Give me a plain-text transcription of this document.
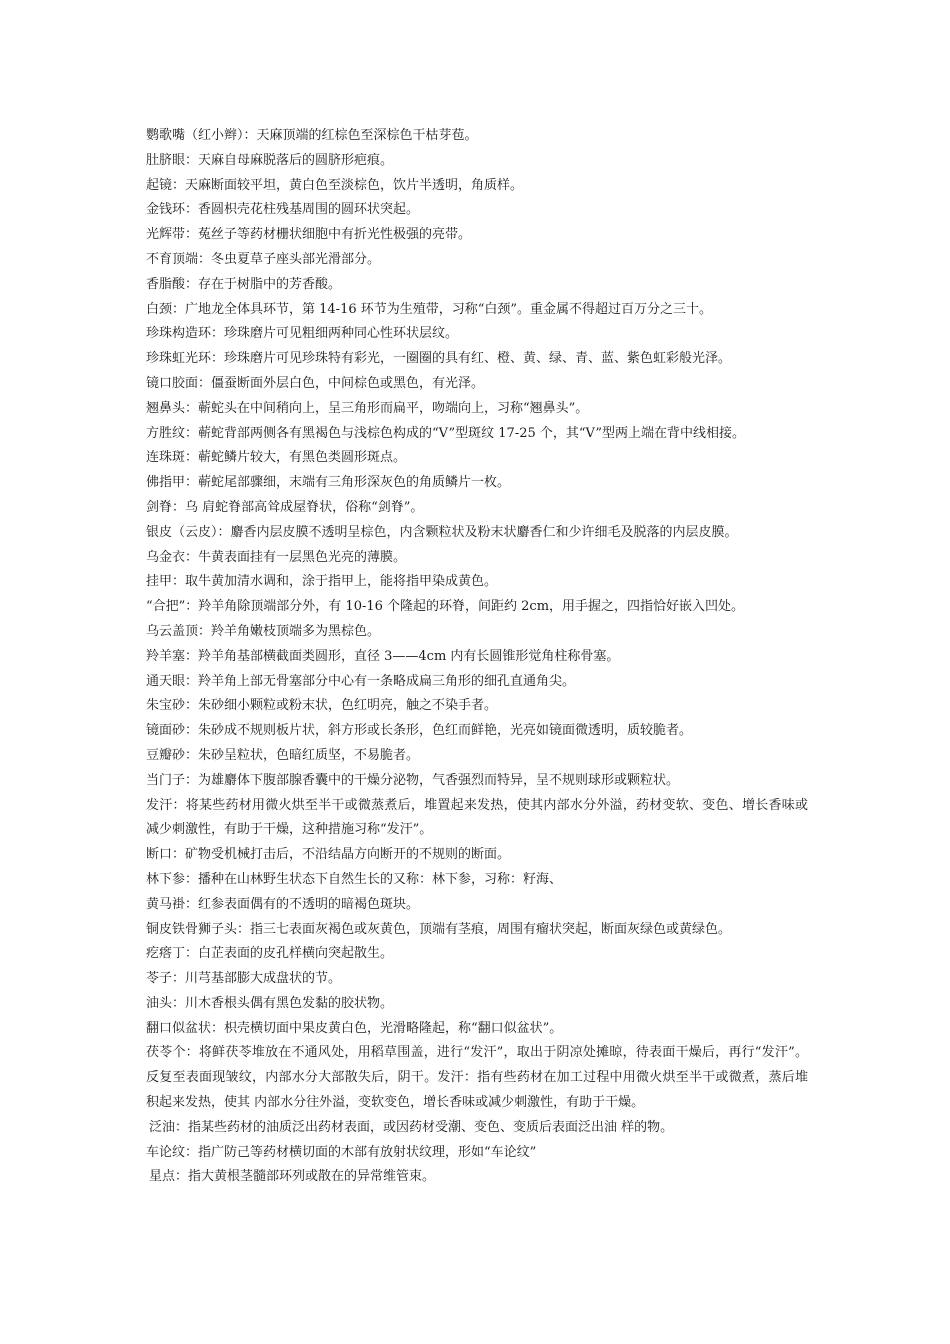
鹦歌嘴（红小辫）：天麻顶端的红棕色至深棕色干枯芽苞。
肚脐眼：天麻自母麻脱落后的圆脐形疤痕。
起镜：天麻断面较平坦，黄白色至淡棕色，饮片半透明，角质样。
金钱环：香圆枳壳花柱残基周围的圆环状突起。
光辉带：菟丝子等药材栅状细胞中有折光性极强的亮带。
不育顶端：冬虫夏草子座头部光滑部分。
香脂酸：存在于树脂中的芳香酸。
白颈：广地龙全体具环节，第 14-16 环节为生殖带，习称“白颈”。重金属不得超过百万分之三十。
珍珠构造环：珍珠磨片可见粗细两种同心性环状层纹。
珍珠虹光环：珍珠磨片可见珍珠特有彩光，一圈圈的具有红、橙、黄、绿、青、蓝、紫色虹彩般光泽。
镜口胶面：僵蚕断面外层白色，中间棕色或黑色，有光泽。
翘鼻头：蕲蛇头在中间稍向上，呈三角形而扁平，吻端向上，习称“翘鼻头”。
方胜纹：蕲蛇背部两侧各有黑褐色与浅棕色构成的“V”型斑纹 17-25 个，其“V”型两上端在背中线相接。
连珠斑：蕲蛇鳞片较大，有黑色类圆形斑点。
佛指甲：蕲蛇尾部骤细，末端有三角形深灰色的角质鳞片一枚。
剑脊：乌 肩蛇脊部高耸成屋脊状，俗称“剑脊”。
银皮（云皮）：麝香内层皮膜不透明呈棕色，内含颗粒状及粉末状麝香仁和少许细毛及脱落的内层皮膜。
乌金衣：牛黄表面挂有一层黑色光亮的薄膜。
挂甲：取牛黄加清水调和，涂于指甲上，能将指甲染成黄色。
“合把”：羚羊角除顶端部分外，有 10-16 个隆起的环脊，间距约 2cm，用手握之，四指恰好嵌入凹处。
乌云盖顶：羚羊角嫩枝顶端多为黑棕色。
羚羊塞：羚羊角基部横截面类圆形，直径 3——4cm 内有长圆锥形觉角柱称骨塞。
通天眼：羚羊角上部无骨塞部分中心有一条略成扁三角形的细孔直通角尖。
朱宝砂：朱砂细小颗粒或粉末状，色红明亮，触之不染手者。
镜面砂：朱砂成不规则板片状，斜方形或长条形，色红而鲜艳，光亮如镜面微透明，质较脆者。
豆瓣砂：朱砂呈粒状，色暗红质坚，不易脆者。
当门子：为雄麝体下腹部腺香囊中的干燥分泌物，气香强烈而特异，呈不规则球形或颗粒状。
发汗：将某些药材用微火烘至半干或微蒸煮后，堆置起来发热，使其内部水分外溢，药材变软、变色、增长香味或减少刺激性，有助于干燥，这种措施习称“发汗”。
断口：矿物受机械打击后，不沿结晶方向断开的不规则的断面。
林下参：播种在山林野生状态下自然生长的又称：林下参，习称：籽海、
黄马褂：红参表面偶有的不透明的暗褐色斑块。
铜皮铁骨狮子头：指三七表面灰褐色或灰黄色，顶端有茎痕，周围有瘤状突起，断面灰绿色或黄绿色。
疙瘩丁：白芷表面的皮孔样横向突起散生。
苓子：川芎基部膨大成盘状的节。
油头：川木香根头偶有黑色发黏的胶状物。
翻口似盆状：枳壳横切面中果皮黄白色，光滑略隆起，称“翻口似盆状”。
茯苓个：将鲜茯苓堆放在不通风处，用稻草围盖，进行“发汗”，取出于阴凉处摊晾，待表面干燥后，再行“发汗”。反复至表面现皱纹，内部水分大部散失后，阴干。发汗：指有些药材在加工过程中用微火烘至半干或微煮，蒸后堆积起来发热，使其 内部水分往外溢，变软变色，增长香味或减少刺激性，有助于干燥。
泛油：指某些药材的油质泛出药材表面，或因药材受潮、变色、变质后表面泛出油 样的物。
车论纹：指广防己等药材横切面的木部有放射状纹理，形如“车论纹”
星点：指大黄根茎髓部环列或散在的异常维管束。
